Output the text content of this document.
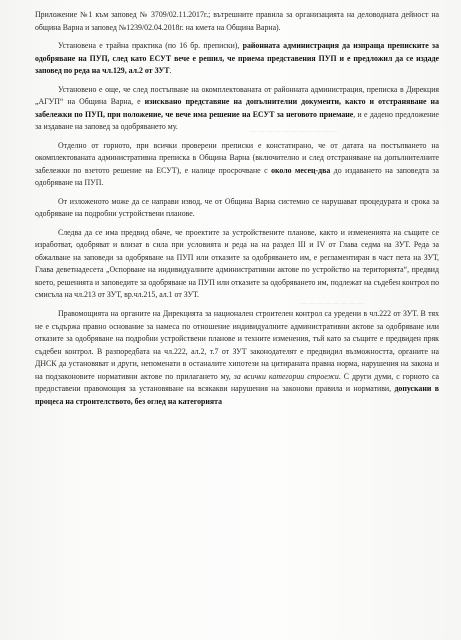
— — — — — — — — — — —
— — — — — — — —

Приложение №1 към заповед № 3709/02.11.2017г.; вътрешните правила за организацията на деловодната дейност на община Варна и заповед №1239/02.04.2018г. на кмета на Община Варна).

Установена е трайна практика (по 16 бр. преписки), районната администрация да изпраща преписките за одобряване на ПУП, след като ЕСУТ вече е решил, че приема представения ПУП и е предложил да се издаде заповед по реда на чл.129, ал.2 от ЗУТ.

Установено е още, че след постъпване на окомплектованата от районната администрация, преписка в Дирекция „АГУП“ на Община Варна, е изисквано представяне на допълнителни документи, както и отстраняване на забележки по ПУП, при положение, че вече има решение на ЕСУТ за неговото приемане, и е дадено предложение за издаване на заповед за одобряването му.

Отделно от горното, при всички проверени преписки е констатирано, че от датата на постъпването на окомплектованата административна преписка в Община Варна (включително и след отстраняване на допълнителните забележки по взетото решение на ЕСУТ), е налице просрочване с около месец-два до издаването на заповедта за одобряване на ПУП.

От изложеното може да се направи извод, че от Община Варна системно се нарушават процедурата и срока за одобряване на подробни устройствени планове.

Следва да се има предвид обаче, че проектите за устройствените планове, както и измененията на същите се изработват, одобряват и влизат в сила при условията и реда на на раздел III и IV от Глава седма на ЗУТ. Реда за обжалване на заповеди за одобряване на ПУП или отказите за одобряването им, е регламентиран в част пета на ЗУТ, Глава деветнадесета „Оспорване на индивидуалните административни актове по устройство на територията“, предвид което, решенията и заповедите за одобряване на ПУП или отказите за одобряването им, подлежат на съдебен контрол по смисъла на чл.213 от ЗУТ, вр.чл.215, ал.1 от ЗУТ.

Правомощията на органите на Дирекцията за национален строителен контрол са уредени в чл.222 от ЗУТ. В тях не е съдържа правно основание за намеса по отношение индивидуалните административни актове за одобряване или отказите за одобряване на подробни устройствени планове и техните изменения, тъй като за същите е предвиден пряк съдебен контрол. В разпоредбата на чл.222, ал.2, т.7 от ЗУТ законодателят е предвидил възможността, органите на ДНСК да установяват и други, непоменати в останалите хипотези на цитираната правна норма, нарушения на закона и на подзаконовите нормативни актове по прилагането му, за всички категории строежи. С други думи, с горното са предоставени правомощия за установяване на всякакви нарушения на законови правила и нормативи, допускани в процеса на строителството, без оглед на категорията
